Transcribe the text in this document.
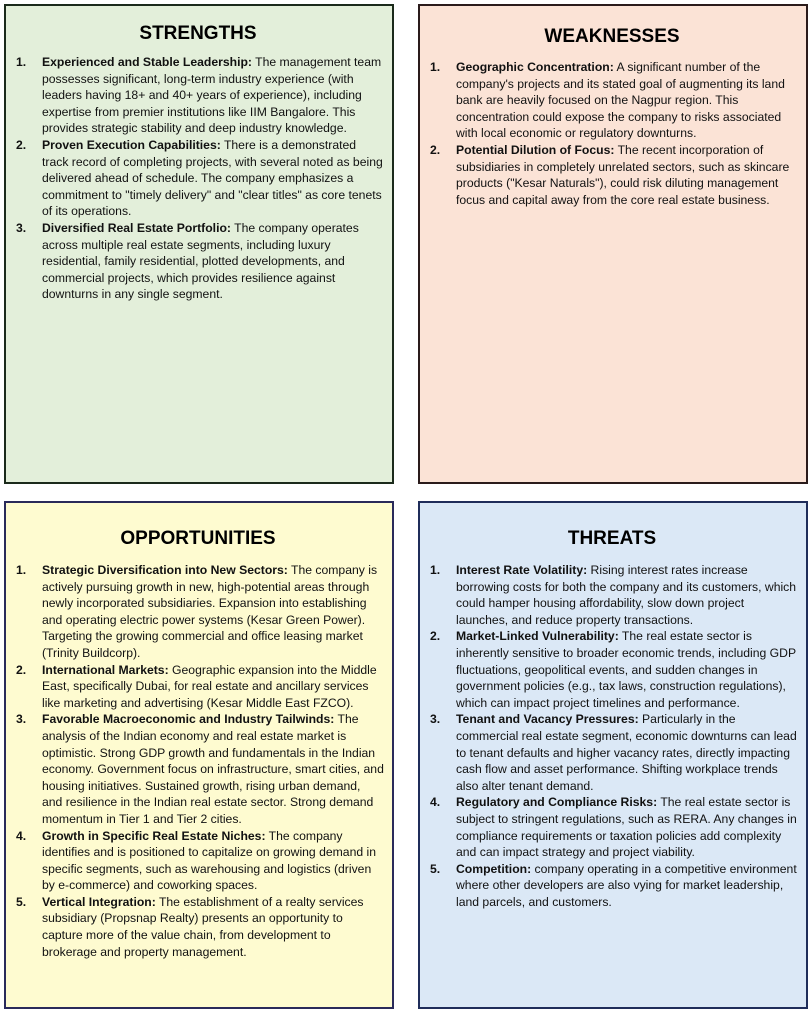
STRENGTHS
1. Experienced and Stable Leadership: The management team possesses significant, long-term industry experience (with leaders having 18+ and 40+ years of experience), including expertise from premier institutions like IIM Bangalore. This provides strategic stability and deep industry knowledge.
2. Proven Execution Capabilities: There is a demonstrated track record of completing projects, with several noted as being delivered ahead of schedule. The company emphasizes a commitment to "timely delivery" and "clear titles" as core tenets of its operations.
3. Diversified Real Estate Portfolio: The company operates across multiple real estate segments, including luxury residential, family residential, plotted developments, and commercial projects, which provides resilience against downturns in any single segment.
WEAKNESSES
1. Geographic Concentration: A significant number of the company's projects and its stated goal of augmenting its land bank are heavily focused on the Nagpur region. This concentration could expose the company to risks associated with local economic or regulatory downturns.
2. Potential Dilution of Focus: The recent incorporation of subsidiaries in completely unrelated sectors, such as skincare products ("Kesar Naturals"), could risk diluting management focus and capital away from the core real estate business.
OPPORTUNITIES
1. Strategic Diversification into New Sectors: The company is actively pursuing growth in new, high-potential areas through newly incorporated subsidiaries. Expansion into establishing and operating electric power systems (Kesar Green Power). Targeting the growing commercial and office leasing market (Trinity Buildcorp).
2. International Markets: Geographic expansion into the Middle East, specifically Dubai, for real estate and ancillary services like marketing and advertising (Kesar Middle East FZCO).
3. Favorable Macroeconomic and Industry Tailwinds: The analysis of the Indian economy and real estate market is optimistic. Strong GDP growth and fundamentals in the Indian economy. Government focus on infrastructure, smart cities, and housing initiatives. Sustained growth, rising urban demand, and resilience in the Indian real estate sector. Strong demand momentum in Tier 1 and Tier 2 cities.
4. Growth in Specific Real Estate Niches: The company identifies and is positioned to capitalize on growing demand in specific segments, such as warehousing and logistics (driven by e-commerce) and coworking spaces.
5. Vertical Integration: The establishment of a realty services subsidiary (Propsnap Realty) presents an opportunity to capture more of the value chain, from development to brokerage and property management.
THREATS
1. Interest Rate Volatility: Rising interest rates increase borrowing costs for both the company and its customers, which could hamper housing affordability, slow down project launches, and reduce property transactions.
2. Market-Linked Vulnerability: The real estate sector is inherently sensitive to broader economic trends, including GDP fluctuations, geopolitical events, and sudden changes in government policies (e.g., tax laws, construction regulations), which can impact project timelines and performance.
3. Tenant and Vacancy Pressures: Particularly in the commercial real estate segment, economic downturns can lead to tenant defaults and higher vacancy rates, directly impacting cash flow and asset performance. Shifting workplace trends also alter tenant demand.
4. Regulatory and Compliance Risks: The real estate sector is subject to stringent regulations, such as RERA. Any changes in compliance requirements or taxation policies add complexity and can impact strategy and project viability.
5. Competition: company operating in a competitive environment where other developers are also vying for market leadership, land parcels, and customers.
